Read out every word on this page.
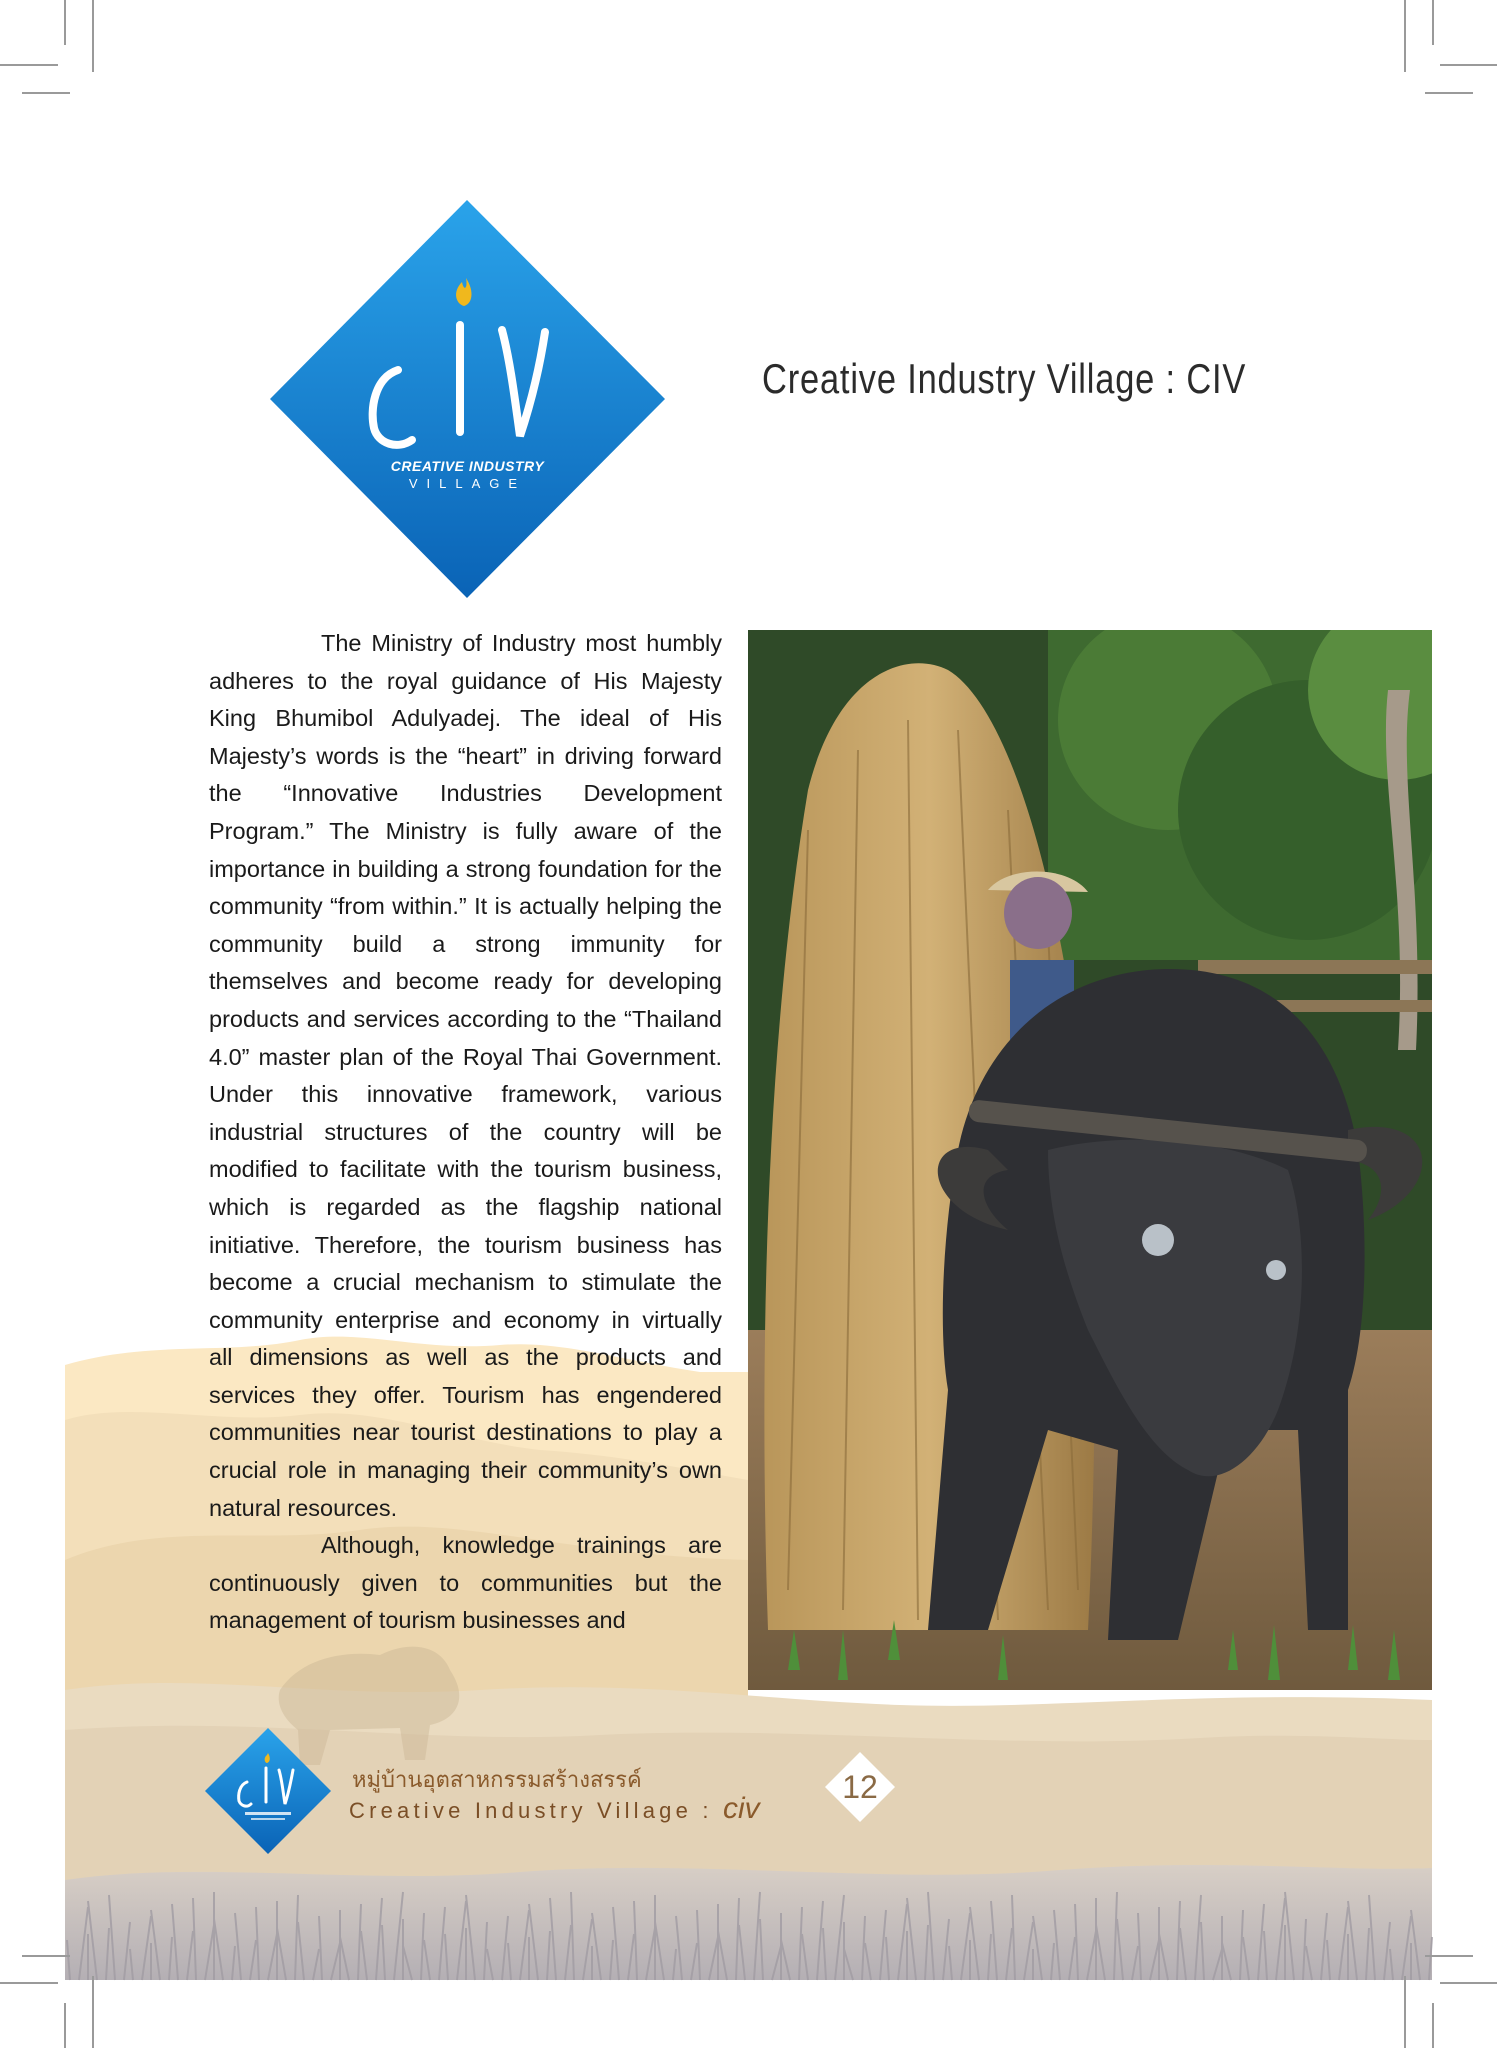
CREATIVE INDUSTRY
VILLAGE
Creative Industry Village : CIV

The Ministry of Industry most humbly adheres to the royal guidance of His Majesty King Bhumibol Adulyadej. The ideal of His Majesty’s words is the “heart” in driving forward the “Innovative Industries Development Program.” The Ministry is fully aware of the importance in building a strong foundation for the community “from within.” It is actually helping the community build a strong immunity for themselves and become ready for developing products and services according to the “Thailand 4.0” master plan of the Royal Thai Government. Under this innovative framework, various industrial structures of the country will be modified to facilitate with the tourism business, which is regarded as the flagship national initiative. Therefore, the tourism business has become a crucial mechanism to stimulate the community enterprise and economy in virtually all dimensions as well as the products and services they offer. Tourism has engendered communities near tourist destinations to play a crucial role in managing their community’s own natural resources.

Although, knowledge trainings are continuously given to communities but the management of tourism businesses and

หมู่บ้านอุตสาหกรรมสร้างสรรค์
Creative Industry Village : civ
12
